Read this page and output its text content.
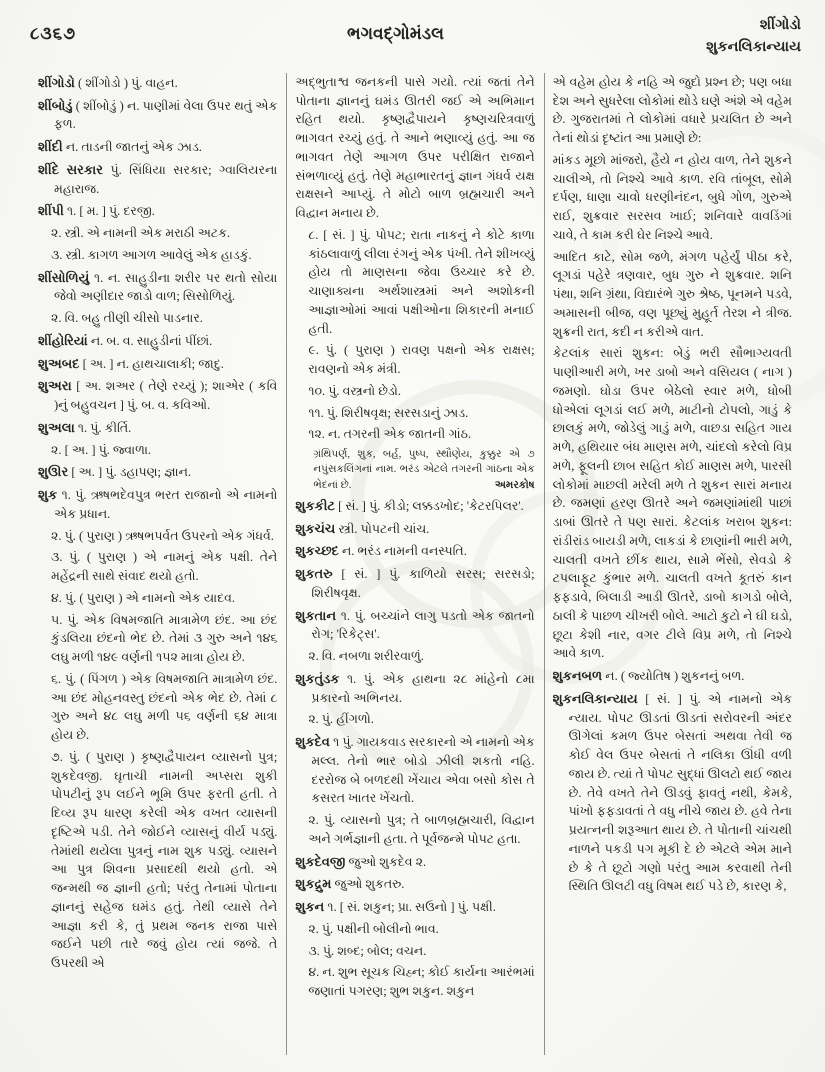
૮૩૬૭	ભગવદ્ગોમંડલ	શીંગોડો
શુકનલિકાન્યાય

શીંગોડો ( શીંગોડો ) પું. વાહન.

શીંબોડું ( શીંબોડું ) ન. પાણીમાં વેલા ઉપર થતું એક ફળ.

શીંદી ન. તાડની જાતનું એક ઝાડ.

શીંદે સરકાર પું. સિંધિયા સરકાર; ગ્વાલિયરના મહારાજ.

શીંપી ૧. [ મ. ] પું. દરજી.

૨. સ્ત્રી. એ નામની એક મરાઠી અટક.

૩. સ્ત્રી. કાગળ આગળ આવેલું એક હાડકું.

શીંસોળિયું ૧. ન. સાહુડીના શરીર પર થતો સોયા જેવો અણીદાર જાડો વાળ; સિસોળિયું.

૨. વિ. બહુ તીણી ચીસો પાડનાર.

શીંહોરિયાં ન. બ. વ. સાહુડીનાં પીંછાં.

શુઅબદ [ અ. ] ન. હાથચાલાકી; જાદુ.

શુઅરા [ અ. શઅર ( તેણે રચ્યું ); શાએર ( કવિ )નું બહુવચન ] પું. બ. વ. કવિઓ.

શુઅલા ૧. પું. કીર્તિ.

૨. [ અ. ] પું. જ્વાળા.

શુઊર [ અ. ] પું. ડહાપણ; જ્ઞાન.

શુક ૧. પું. ઋષભદેવપુત્ર ભરત રાજાનો એ નામનો એક પ્રધાન.

૨. પું. ( પુરાણ ) ઋષભપર્વત ઉપરનો એક ગંધર્વ.

૩. પું. ( પુરાણ ) એ નામનું એક પક્ષી. તેને મહેંદ્રની સાથે સંવાદ થયો હતો.

૪. પું. ( પુરાણ ) એ નામનો એક યાદવ.

૫. પું. એક વિષમજાતિ માત્રામેળ છંદ. આ છંદ કુંડલિયા છંદનો ભેદ છે. તેમાં ૩ ગુરુ અને ૧૪૬ લઘુ મળી ૧૪૯ વર્ણની ૧૫૨ માત્રા હોય છે.

૬. પું. ( પિંગળ ) એક વિષમજાતિ માત્રામેળ છંદ. આ છંદ મોહનવસ્તુ છંદનો એક ભેદ છે. તેમાં ૮ ગુરુ અને ૪૮ લઘુ મળી ૫૬ વર્ણની ૬૪ માત્રા હોય છે.

૭. પું. ( પુરાણ ) કૃષ્ણદ્વૈપાયન વ્યાસનો પુત્ર; શુકદેવજી. ઘૃતાચી નામની અપ્સરા શુકી પોપટીનું રૂપ લઈને ભૂમિ ઉપર ફરતી હતી. તે દિવ્ય રૂપ ધારણ કરેલી એક વખત વ્યાસની દૃષ્ટિએ પડી. તેને જોઈને વ્યાસનું વીર્ય પડ્યું. તેમાંથી થયેલા પુત્રનું નામ શુક પડ્યું. વ્યાસને આ પુત્ર શિવના પ્રસાદથી થયો હતો. એ જન્મથી જ જ્ઞાની હતો; પરંતુ તેનામાં પોતાના જ્ઞાનનું સહેજ ઘમંડ હતું. તેથી વ્યાસે તેને આજ્ઞા કરી કે, તું પ્રથમ જનક રાજા પાસે જઈને પછી તારે જવું હોય ત્યાં જજે. તે ઉપરથી એ

અદ્ભુતાશ્વ જનકની પાસે ગયો. ત્યાં જતાં તેને પોતાના જ્ઞાનનું ઘમંડ ઊતરી જઈ એ અભિમાન રહિત થયો. કૃષ્ણદ્વૈપાયને કૃષ્ણચરિત્રવાળું ભાગવત રચ્યું હતું. તે આને ભણાવ્યું હતું. આ જ ભાગવત તેણે આગળ ઉપર પરીક્ષિત રાજાને સંભળાવ્યું હતું. તેણે મહાભારતનું જ્ઞાન ગંધર્વ યક્ષ રાક્ષસને આપ્યું. તે મોટો બાળ બ્રહ્મચારી અને વિદ્વાન મનાય છે.

૮. [ સં. ] પું. પોપટ; રાતા નાકનું ને કોટે કાળા કાંઠલાવાળું લીલા રંગનું એક પંખી. તેને શીખવ્યું હોય તો માણસના જેવા ઉચ્ચાર કરે છે. ચાણાક્યના અર્થશાસ્ત્રમાં અને અશોકની આજ્ઞાઓમાં આવાં પક્ષીઓના શિકારની મનાઈ હતી.

૯. પું. ( પુરાણ ) રાવણ પક્ષનો એક રાક્ષસ; રાવણનો એક મંત્રી.

૧૦. પું. વસ્ત્રનો છેડો.

૧૧. પું. શિરીષવૃક્ષ; સરસડાનું ઝાડ.

૧૨. ન. તગરની એક જાતની ગાંઠ.

ગ્રંથિપર્ણ, શુક, બર્હ, પુષ્પ, સ્થૌણેય, કુક્કુર એ ૭ નપુંસકલિંગનાં નામ. ભરંડ એટલે તગરની ગાંઠના એક ભેદનાં છે.	અમરકોષ

શુકકીટ [ સં. ] પું. કીડો; લક્કડખોદ; 'કેટરપિલર'.

શુકચંચ સ્ત્રી. પોપટની ચાંચ.

શુકચ્છદ ન. ભરંડ નામની વનસ્પતિ.

શુકતરુ [ સં. ] પું. કાળિયો સરસ; સરસડો; શિરીષવૃક્ષ.

શુકતાન ૧. પું. બચ્ચાંને લાગુ પડતો એક જાતનો રોગ; 'રિકેટ્સ'.

૨. વિ. નબળા શરીરવાળું.

શુકતુંડક ૧. પું. એક હાથના ૨૮ માંહેનો ૮મા પ્રકારનો અભિનય.

૨. પું. હીંગળો.

શુકદેવ ૧ પું. ગાયકવાડ સરકારનો એ નામનો એક મલ્લ. તેનો ભાર બોડો ઝીલી શકતો નહિ. દરરોજ બે બળદથી ખેંચાય એવા બસો કોસ તે કસરત ખાતર ખેંચતો.

૨. પું. વ્યાસનો પુત્ર; તે બાળબ્રહ્મચારી, વિદ્વાન અને ગર્ભજ્ઞાની હતા. તે પૂર્વજન્મે પોપટ હતા.

શુકદેવજી જુઓ શુકદેવ ૨.

શુકદ્રુમ જુઓ શુકતરુ.

શુકન ૧. [ સં. શકુન; પ્રા. સઉનો ] પું. પક્ષી.

૨. પું. પક્ષીની બોલીનો ભાવ.

૩. પું. શબ્દ; બોલ; વચન.

૪. ન. શુભ સૂચક ચિહ્ન; કોઈ કાર્યના આરંભમાં જણાતાં પગરણ; શુભ શકુન. શકુન

એ વહેમ હોય કે નહિ એ જુદો પ્રશ્ન છે; પણ બધા દેશ અને સુધરેલા લોકોમાં થોડે ઘણે અંશે એ વહેમ છે. ગુજરાતમાં તે લોકોમાં વધારે પ્રચલિત છે અને તેનાં થોડાં દૃષ્ટાંત આ પ્રમાણે છે:

માંકડ મૂછો માંજરો, હૈયે ન હોય વાળ, તેને શુકને ચાલીએ, તો નિશ્ચે આવે કાળ. રવિ તાંબૂલ, સોમે દર્પણ, ધાણા ચાવો ધરણીનંદન, બુધે ગોળ, ગુરુએ રાઈ, શુક્રવાર સરસવ ખાઈ; શનિવારે વાવડિંગાં ચાવે, તે કામ કરી ઘેર નિશ્ચે આવે.

આદિત કાટે, સોમ જળે, મંગળ પહેર્યું પીઠા કરે, લૂગડાં પહેરે ત્રણવાર, બુધ ગુરુ ને શુક્રવાર. શનિ પંથા, શનિ ગ્રંથા, વિદ્યારંભે ગુરુ શ્રેષ્ઠ, પૂનમને પડવે, અમાસની બીજ, વણ પૂછ્યું મુહૂર્ત તેરશ ને ત્રીજ. શુક્રની રાત, કદી ન કરીએ વાત.

કેટલાંક સારાં શુકન: બેડું ભરી સૌભાગ્યવતી પાણીઆરી મળે, ખર ડાબો અને વસિયલ ( નાગ ) જમણો. ઘોડા ઉપર બેઠેલો સ્વાર મળે, ધોબી ધોએલાં લૂગડાં લઈ મળે, માટીનો ટોપલો, ગાડું કે છાલકું મળે, જોડેલું ગાડું મળે, વાછડા સહિત ગાય મળે, હથિયાર બંધ માણસ મળે, ચાંદલો કરેલો વિપ્ર મળે, ફૂલની છાબ સહિત કોઈ માણસ મળે, પારસી લોકોમાં માછલી મરેલી મળે તે શુકન સારાં મનાય છે. જમણાં હરણ ઊતરે અને જમણાંમાંથી પાછાં ડાબાં ઊતરે તે પણ સારાં. કેટલાંક ખરાબ શુકન: રાંડીરાંડ બાયડી મળે, લાકડાં કે છાણાંની ભારી મળે, ચાલતી વખતે છીંક થાય, સામે ભેંસો, સેવડો કે ટપલાફૂટ કુંભાર મળે. ચાલતી વખતે કૂતરું કાન ફફડાવે, બિલાડી આડી ઊતરે, ડાબો કાગડો બોલે, ઠાલી કે પાછળ ચીખરી બોલે. આટો કુટો ને ઘી ઘડો, છૂટા કેશી નાર, વગર ટીલે વિપ્ર મળે, તો નિશ્ચે આવે કાળ.

શુકનબળ ન. ( જ્યોતિષ ) શુકનનું બળ.

શુકનલિકાન્યાય [ સં. ] પું. એ નામનો એક ન્યાય. પોપટ ઊડતાં ઊડતાં સરોવરની અંદર ઊગેલાં કમળ ઉપર બેસતાં અથવા તેવી જ કોઈ વેલ ઉપર બેસતાં તે નલિકા ઊંધી વળી જાય છે. ત્યાં તે પોપટ સુદ્ધાં ઊલટો થઈ જાય છે. તેવે વખતે તેને ઊડવું ફાવતું નથી, કેમકે, પાંખો ફફડાવતાં તે વધુ નીચે જાય છે. હવે તેના પ્રયત્નની શરૂઆત થાય છે. તે પોતાની ચાંચથી નાળને પકડી પગ મૂકી દે છે એટલે એમ માને છે કે તે છૂટો ગણો પરંતુ આમ કરવાથી તેની સ્થિતિ ઊલટી વધુ વિષમ થઈ પડે છે, કારણ કે,
